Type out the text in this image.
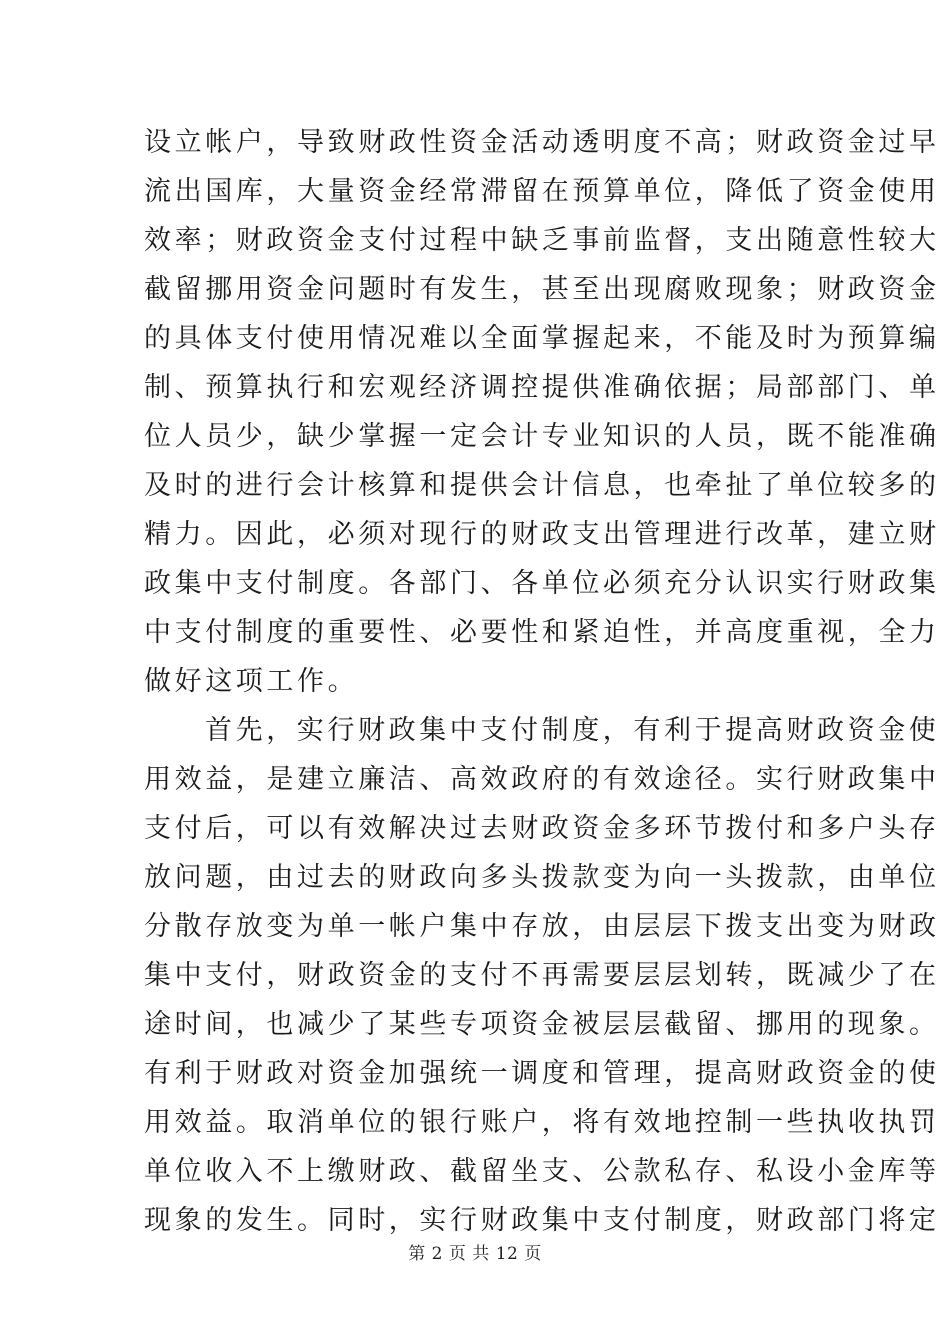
设立帐户，导致财政性资金活动透明度不高；财政资金过早
流出国库，大量资金经常滞留在预算单位，降低了资金使用
效率；财政资金支付过程中缺乏事前监督，支出随意性较大
截留挪用资金问题时有发生，甚至出现腐败现象；财政资金
的具体支付使用情况难以全面掌握起来，不能及时为预算编
制、预算执行和宏观经济调控提供准确依据；局部部门、单
位人员少，缺少掌握一定会计专业知识的人员，既不能准确
及时的进行会计核算和提供会计信息，也牵扯了单位较多的
精力。因此，必须对现行的财政支出管理进行改革，建立财
政集中支付制度。各部门、各单位必须充分认识实行财政集
中支付制度的重要性、必要性和紧迫性，并高度重视，全力
做好这项工作。
首先，实行财政集中支付制度，有利于提高财政资金使
用效益，是建立廉洁、高效政府的有效途径。实行财政集中
支付后，可以有效解决过去财政资金多环节拨付和多户头存
放问题，由过去的财政向多头拨款变为向一头拨款，由单位
分散存放变为单一帐户集中存放，由层层下拨支出变为财政
集中支付，财政资金的支付不再需要层层划转，既减少了在
途时间，也减少了某些专项资金被层层截留、挪用的现象。
有利于财政对资金加强统一调度和管理，提高财政资金的使
用效益。取消单位的银行账户，将有效地控制一些执收执罚
单位收入不上缴财政、截留坐支、公款私存、私设小金库等
现象的发生。同时，实行财政集中支付制度，财政部门将定
第 2 页 共 12 页
